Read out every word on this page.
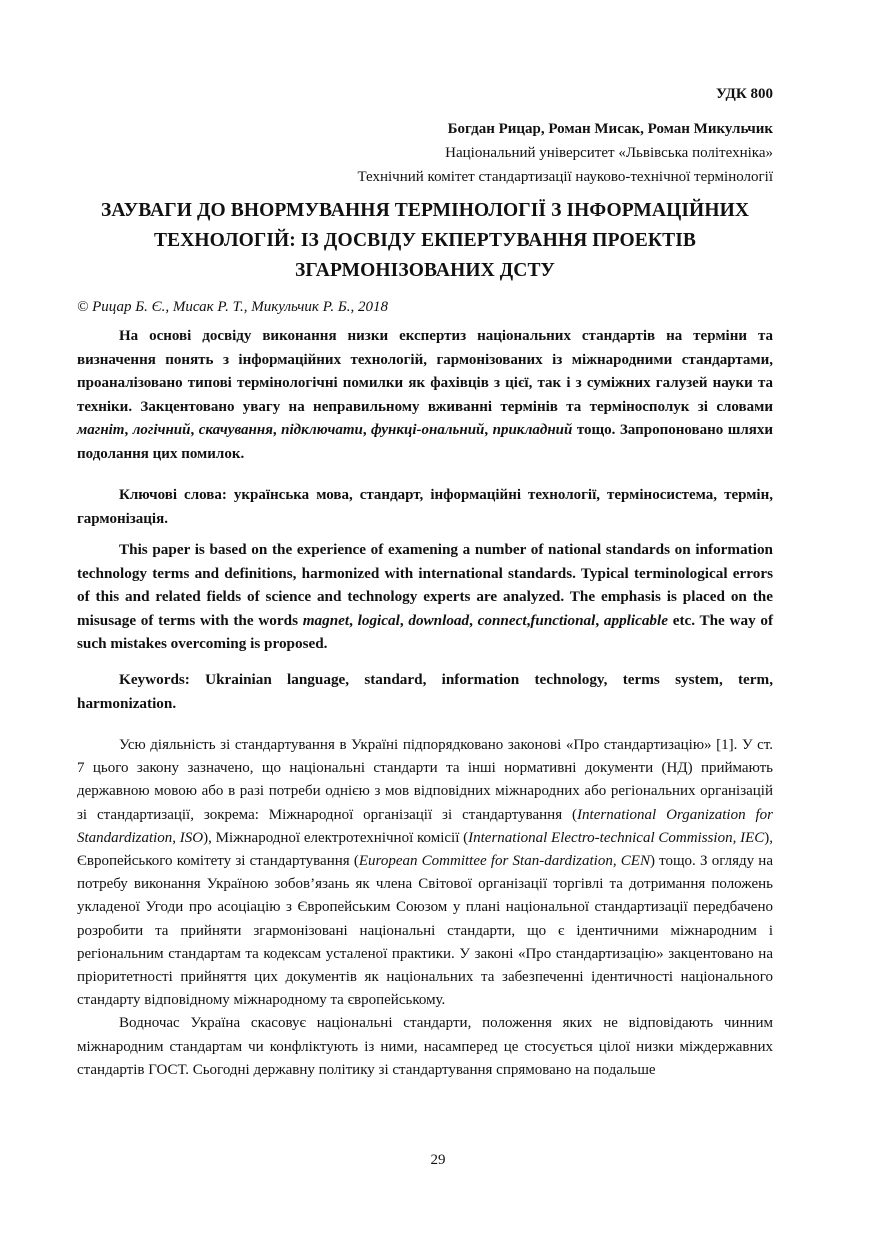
УДК 800
Богдан Рицар, Роман Мисак, Роман Микульчик
Національний університет «Львівська політехніка»
Технічний комітет стандартизації науково-технічної термінології
ЗАУВАГИ ДО ВНОРМУВАННЯ ТЕРМІНОЛОГІЇ З ІНФОРМАЦІЙНИХ
ТЕХНОЛОГІЙ: ІЗ ДОСВІДУ ЕКПЕРТУВАННЯ ПРОЕКТІВ
ЗГАРМОНІЗОВАНИХ ДСТУ
© Рицар Б. Є., Мисак Р. Т., Микульчик Р. Б., 2018

На основі досвіду виконання низки експертиз національних стандартів на терміни та визначення понять з інформаційних технологій, гармонізованих із міжнародними стандартами, проаналізовано типові термінологічні помилки як фахівців з цієї, так і з суміжних галузей науки та техніки. Закцентовано увагу на неправильному вживанні термінів та терміносполук зі словами магніт, логічний, скачування, підключати, функці-ональний, прикладний тощо. Запропоновано шляхи подолання цих помилок.

Ключові слова: українська мова, стандарт, інформаційні технології, терміносистема, термін, гармонізація.

This paper is based on the experience of examening a number of national standards on information technology terms and definitions, harmonized with international standards. Typical terminological errors of this and related fields of science and technology experts are analyzed. The emphasis is placed on the misusage of terms with the words magnet, logical, download, connect,functional, applicable etc. The way of such mistakes overcoming is proposed.

Keywords: Ukrainian language, standard, information technology, terms system, term, harmonization.

Усю діяльність зі стандартування в Україні підпорядковано законові «Про стандартизацію» [1]. У ст. 7 цього закону зазначено, що національні стандарти та інші нормативні документи (НД) приймають державною мовою або в разі потреби однією з мов відповідних міжнародних або регіональних організацій зі стандартизації, зокрема: Міжнародної організації зі стандартування (International Organization for Standardization, ISO), Міжнародної електротехнічної комісії (International Electro-technical Commission, IEC), Європейського комітету зі стандартування (European Committee for Stan-dardization, CEN) тощо. З огляду на потребу виконання Україною зобов’язань як члена Світової організації торгівлі та дотримання положень укладеної Угоди про асоціацію з Європейським Союзом у плані національної стандартизації передбачено розробити та прийняти згармонізовані національні стандарти, що є ідентичними міжнародним і регіональним стандартам та кодексам усталеної практики. У законі «Про стандартизацію» закцентовано на пріоритетності прийняття цих документів як національних та забезпеченні ідентичності національного стандарту відповідному міжнародному та європейському.

Водночас Україна скасовує національні стандарти, положення яких не відповідають чинним міжнародним стандартам чи конфліктують із ними, насамперед це стосується цілої низки міждержавних стандартів ГОСТ. Сьогодні державну політику зі стандартування спрямовано на подальше

29
